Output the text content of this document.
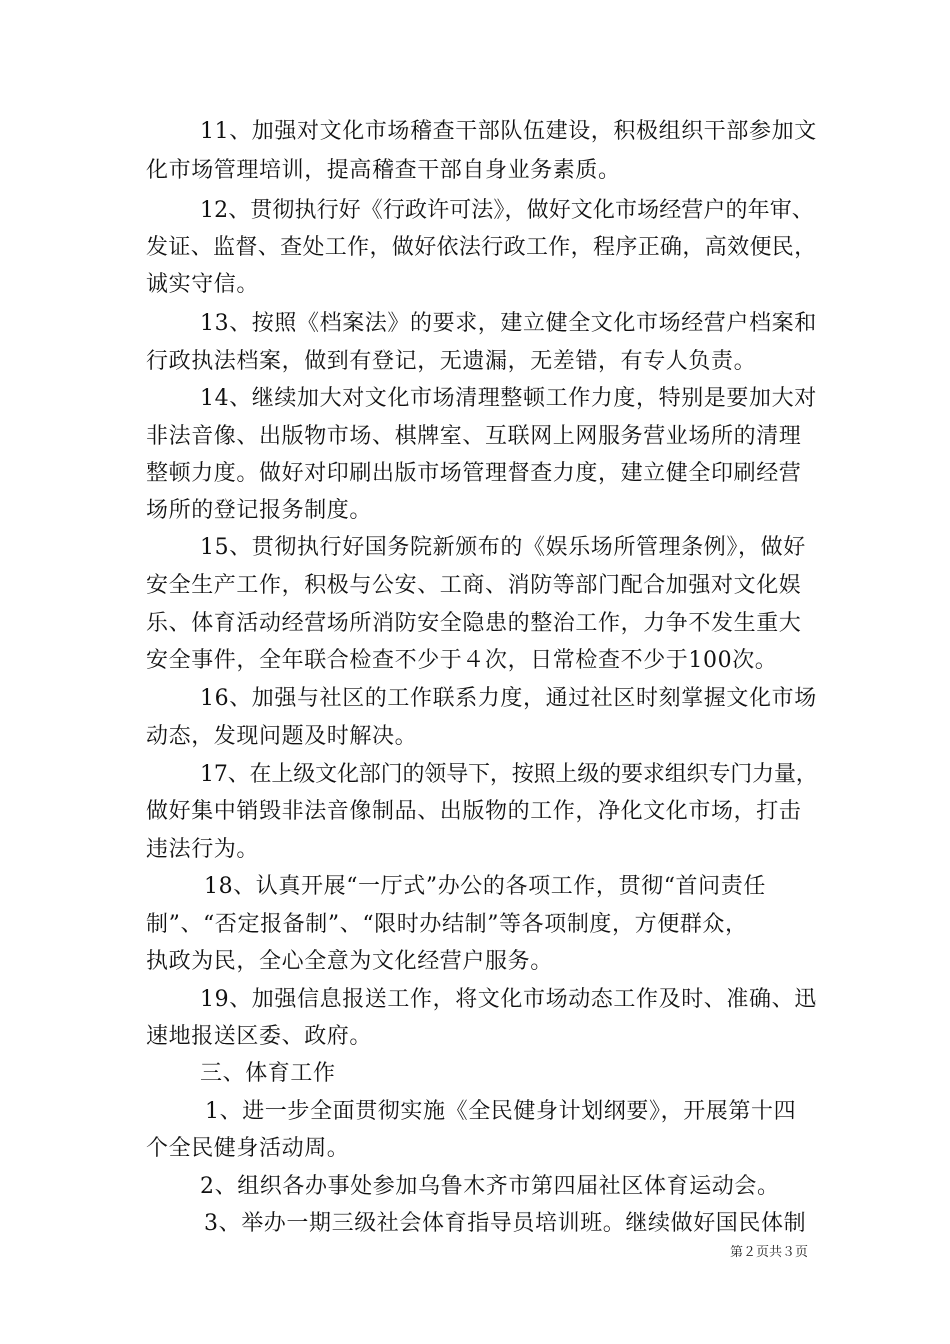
11、加强对文化市场稽查干部队伍建设，积极组织干部参加文
化市场管理培训，提高稽查干部自身业务素质。
12、贯彻执行好《行政许可法》，做好文化市场经营户的年审、
发证、监督、查处工作，做好依法行政工作，程序正确，高效便民，
诚实守信。
13、按照《档案法》的要求，建立健全文化市场经营户档案和
行政执法档案，做到有登记，无遗漏，无差错，有专人负责。
14、继续加大对文化市场清理整顿工作力度，特别是要加大对
非法音像、出版物市场、棋牌室、互联网上网服务营业场所的清理
整顿力度。做好对印刷出版市场管理督查力度，建立健全印刷经营
场所的登记报务制度。
15、贯彻执行好国务院新颁布的《娱乐场所管理条例》，做好
安全生产工作，积极与公安、工商、消防等部门配合加强对文化娱
乐、体育活动经营场所消防安全隐患的整治工作，力争不发生重大
安全事件，全年联合检查不少于４次，日常检查不少于100次。
16、加强与社区的工作联系力度，通过社区时刻掌握文化市场
动态，发现问题及时解决。
17、在上级文化部门的领导下，按照上级的要求组织专门力量，
做好集中销毁非法音像制品、出版物的工作，净化文化市场，打击
违法行为。
18、认真开展“一厅式”办公的各项工作，贯彻“首问责任
制”、“否定报备制”、“限时办结制”等各项制度，方便群众，
执政为民，全心全意为文化经营户服务。
19、加强信息报送工作，将文化市场动态工作及时、准确、迅
速地报送区委、政府。
三、体育工作
1、进一步全面贯彻实施《全民健身计划纲要》，开展第十四
个全民健身活动周。
2、组织各办事处参加乌鲁木齐市第四届社区体育运动会。
3、举办一期三级社会体育指导员培训班。继续做好国民体制
第２页共３页
